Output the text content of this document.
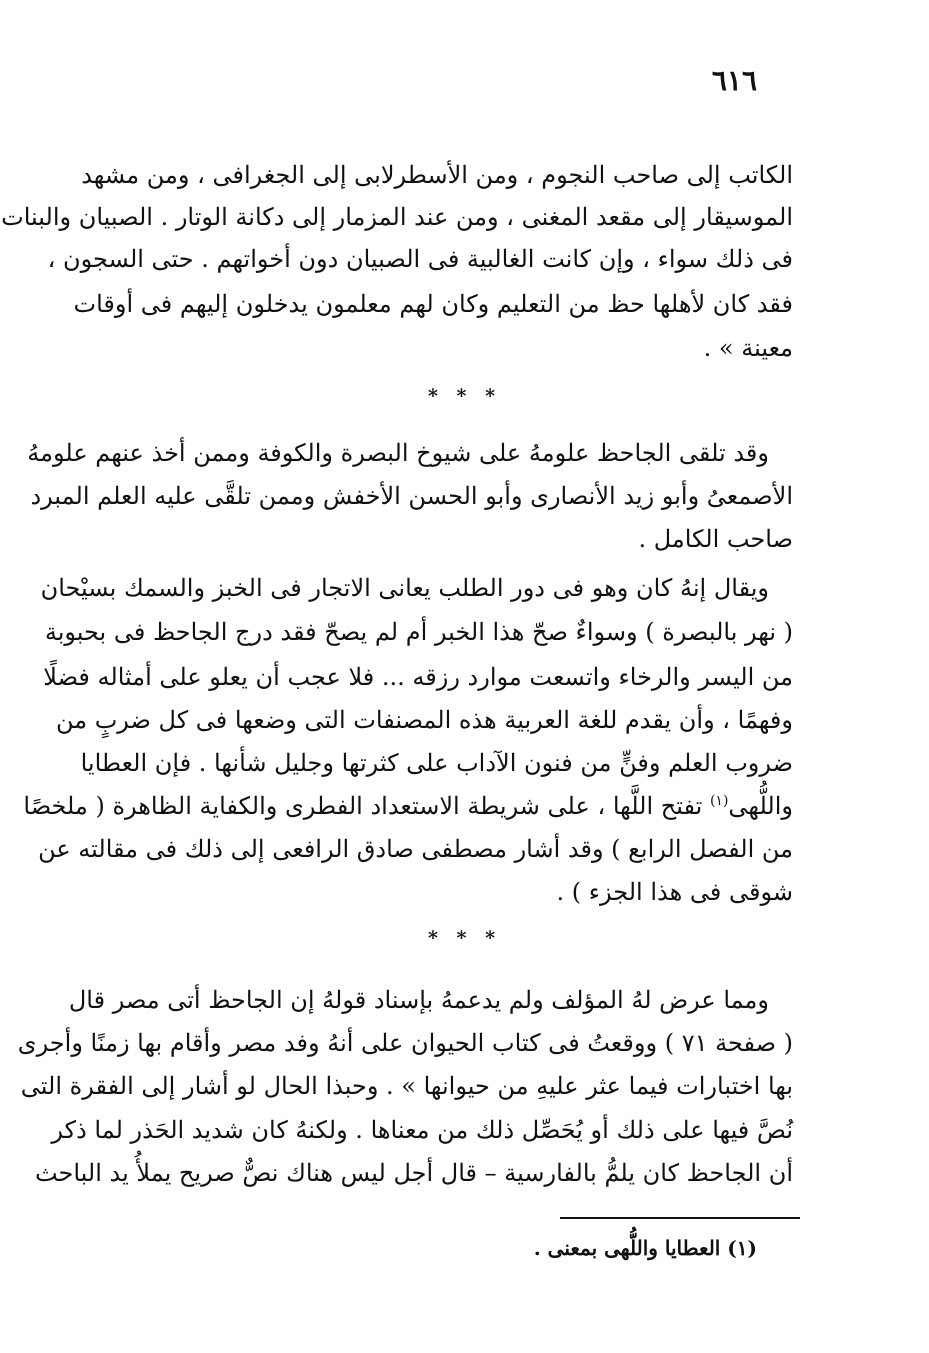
٦١٦
الكاتب إلى صاحب النجوم ، ومن الأسطرلابى إلى الجغرافى ، ومن مشهد
الموسيقار إلى مقعد المغنى ، ومن عند المزمار إلى دكانة الوتار . الصبيان والبنات
فى ذلك سواء ، وإن كانت الغالبية فى الصبيان دون أخواتهم . حتى السجون ،
فقد كان لأهلها حظ من التعليم وكان لهم معلمون يدخلون إليهم فى أوقات
معينة » .
* * *
وقد تلقى الجاحظ علومهُ على شيوخ البصرة والكوفة وممن أخذ عنهم علومهُ
الأصمعىُ وأبو زيد الأنصارى وأبو الحسن الأخفش وممن تلقَّى عليه العلم المبرد
صاحب الكامل .
ويقال إنهُ كان وهو فى دور الطلب يعانى الاتجار فى الخبز والسمك بسيْحان
( نهر بالبصرة ) وسواءٌ صحّ هذا الخبر أم لم يصحّ فقد درج الجاحظ فى بحبوبة
من اليسر والرخاء واتسعت موارد رزقه ... فلا عجب أن يعلو على أمثاله فضلًا
وفهمًا ، وأن يقدم للغة العربية هذه المصنفات التى وضعها فى كل ضربٍ من
ضروب العلم وفنٍّ من فنون الآداب على كثرتها وجليل شأنها . فإن العطايا
واللُّهى$^{(١)}$ تفتح اللَّها ، على شريطة الاستعداد الفطرى والكفاية الظاهرة ( ملخصًا
من الفصل الرابع ) وقد أشار مصطفى صادق الرافعى إلى ذلك فى مقالته عن
شوقى فى هذا الجزء ) .
* * *
ومما عرض لهُ المؤلف ولم يدعمهُ بإسناد قولهُ إن الجاحظ أتى مصر قال
( صفحة ٧١ ) ووقعتُ فى كتاب الحيوان على أنهُ وفد مصر وأقام بها زمنًا وأجرى
بها اختبارات فيما عثر عليهِ من حيوانها » . وحبذا الحال لو أشار إلى الفقرة التى
نُصَّ فيها على ذلك أو يُحَصِّل ذلك من معناها . ولكنهُ كان شديد الحَذر لما ذكر
أن الجاحظ كان يلمُّ بالفارسية – قال أجل ليس هناك نصٌّ صريح يملأُ يد الباحث
(١) العطايا واللُّهى بمعنى .
